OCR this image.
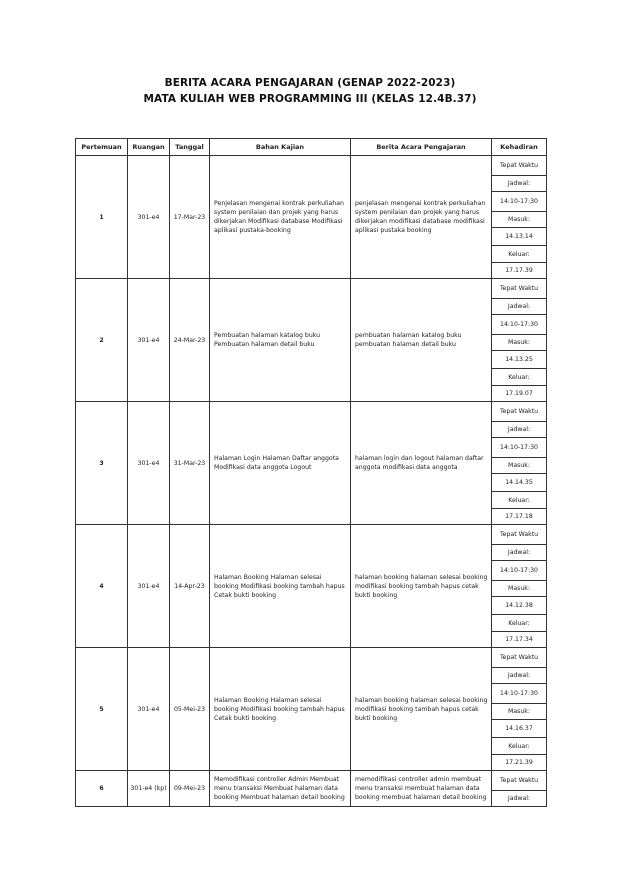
BERITA ACARA PENGAJARAN (GENAP 2022-2023)
MATA KULIAH WEB PROGRAMMING III (KELAS 12.4B.37)
Pertemuan	Ruangan	Tanggal	Bahan Kajian	Berita Acara Pengajaran	Kehadiran
1	301-e4	17-Mar-23	Penjelasan mengenai kontrak perkuliahan system penilaian dan projek yang harus dikerjakan Modifikasi database Modifikasi aplikasi pustaka-booking	penjelasan mengenai kontrak perkuliahan system penilaian dan projek yang harus dikerjakan modifikasi database modifikasi aplikasi pustaka booking	Tepat Waktu
					Jadwal:
					14:10-17:30
					Masuk:
					14.13.14
					Keluar:
					17.17.39
2	301-e4	24-Mar-23	Pembuatan halaman katalog buku Pembuatan halaman detail buku	pembuatan halaman katalog buku pembuatan halaman detail buku	Tepat Waktu
					Jadwal:
					14:10-17:30
					Masuk:
					14.13.25
					Keluar:
					17.19.07
3	301-e4	31-Mar-23	Halaman Login Halaman Daftar anggota Modifikasi data anggota Logout	halaman login dan logout halaman daftar anggota modifikasi data anggota	Tepat Waktu
					Jadwal:
					14:10-17:30
					Masuk:
					14.14.35
					Keluar:
					17.17.18
4	301-e4	14-Apr-23	Halaman Booking Halaman selesai booking Modifikasi booking tambah hapus Cetak bukti booking	halaman booking halaman selesai booking modifikasi booking tambah hapus cetak bukti booking	Tepat Waktu
					Jadwal:
					14:10-17:30
					Masuk:
					14.12.38
					Keluar:
					17.17.34
5	301-e4	05-Mei-23	Halaman Booking Halaman selesai booking Modifikasi booking tambah hapus Cetak bukti booking	halaman booking halaman selesai booking modifikasi booking tambah hapus cetak bukti booking	Tepat Waktu
					Jadwal:
					14:10-17:30
					Masuk:
					14.16.37
					Keluar:
					17.21.39
6	301-e4 (kp)	09-Mei-23	Memodifikasi controller Admin Membuat menu transaksi Membuat halaman data booking Membuat halaman detail booking	memodifikasi controller admin membuat menu transaksi membuat halaman data booking membuat halaman detail booking	Tepat Waktu
					Jadwal:
